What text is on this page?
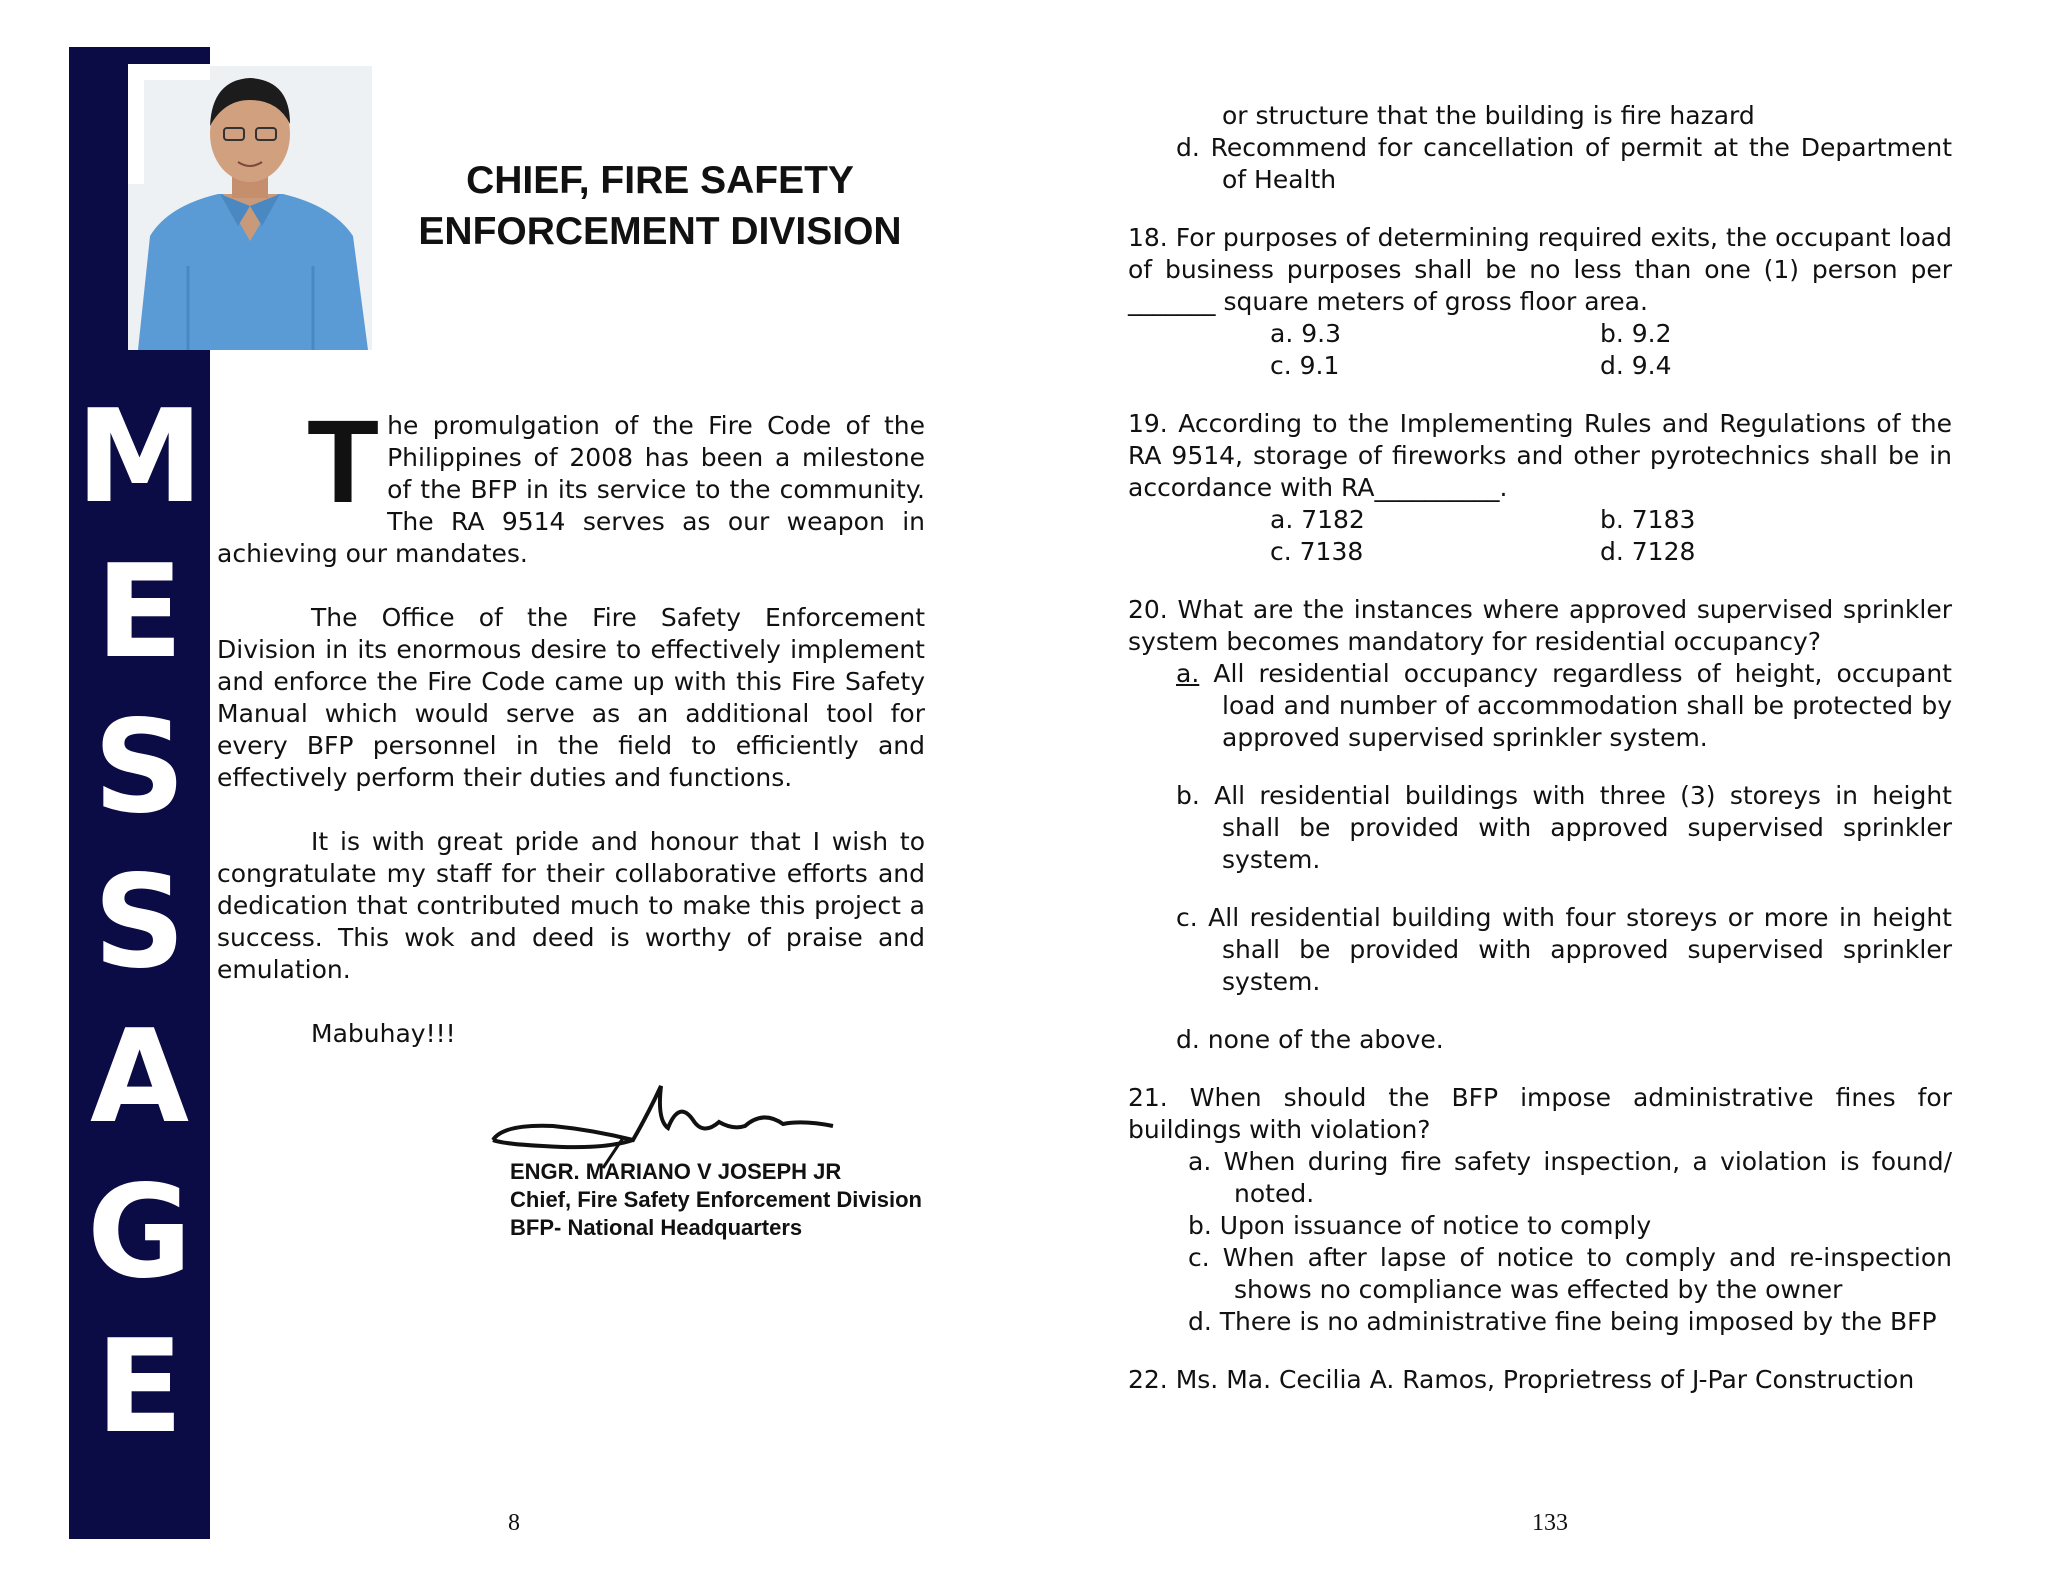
M
E
S
S
A
G
E
CHIEF, FIRE SAFETY
ENFORCEMENT DIVISION

The promulgation of the Fire Code of the Philippines of 2008 has been a milestone of the BFP in its service to the community. The RA 9514 serves as our weapon in achieving our mandates.

The Office of the Fire Safety Enforcement Division in its enormous desire to effectively implement and enforce the Fire Code came up with this Fire Safety Manual which would serve as an additional tool for every BFP personnel in the field to efficiently and effectively perform their duties and functions.

It is with great pride and honour that I wish to congratulate my staff for their collaborative efforts and dedication that contributed much to make this project a success. This wok and deed is worthy of praise and emulation.

Mabuhay!!!

ENGR. MARIANO V JOSEPH JR
Chief, Fire Safety Enforcement Division
BFP- National Headquarters
8

or structure that the building is fire hazard

d. Recommend for cancellation of permit at the Department of Health

18. For purposes of determining required exits, the occupant load of business purposes shall be no less than one (1) person per _______ square meters of gross floor area.

a. 9.3	b. 9.2
c. 9.1	d. 9.4

19. According to the Implementing Rules and Regulations of the RA 9514, storage of fireworks and other pyrotechnics shall be in accordance with RA__________.

a. 7182	b. 7183
c. 7138	d. 7128

20. What are the instances where approved supervised sprinkler system becomes mandatory for residential occupancy?

a. All residential occupancy regardless of height, occupant load and number of accommodation shall be protected by approved supervised sprinkler system.

b. All residential buildings with three (3) storeys in height shall be provided with approved supervised sprinkler system.

c. All residential building with four storeys or more in height shall be provided with approved supervised sprinkler system.

d. none of the above.

21. When should the BFP impose administrative fines for buildings with violation?

a. When during fire safety inspection, a violation is found/ noted.

b. Upon issuance of notice to comply

c. When after lapse of notice to comply and re-inspection shows no compliance was effected by the owner

d. There is no administrative fine being imposed by the BFP

22. Ms. Ma. Cecilia A. Ramos, Proprietress of J-Par Construction

133
